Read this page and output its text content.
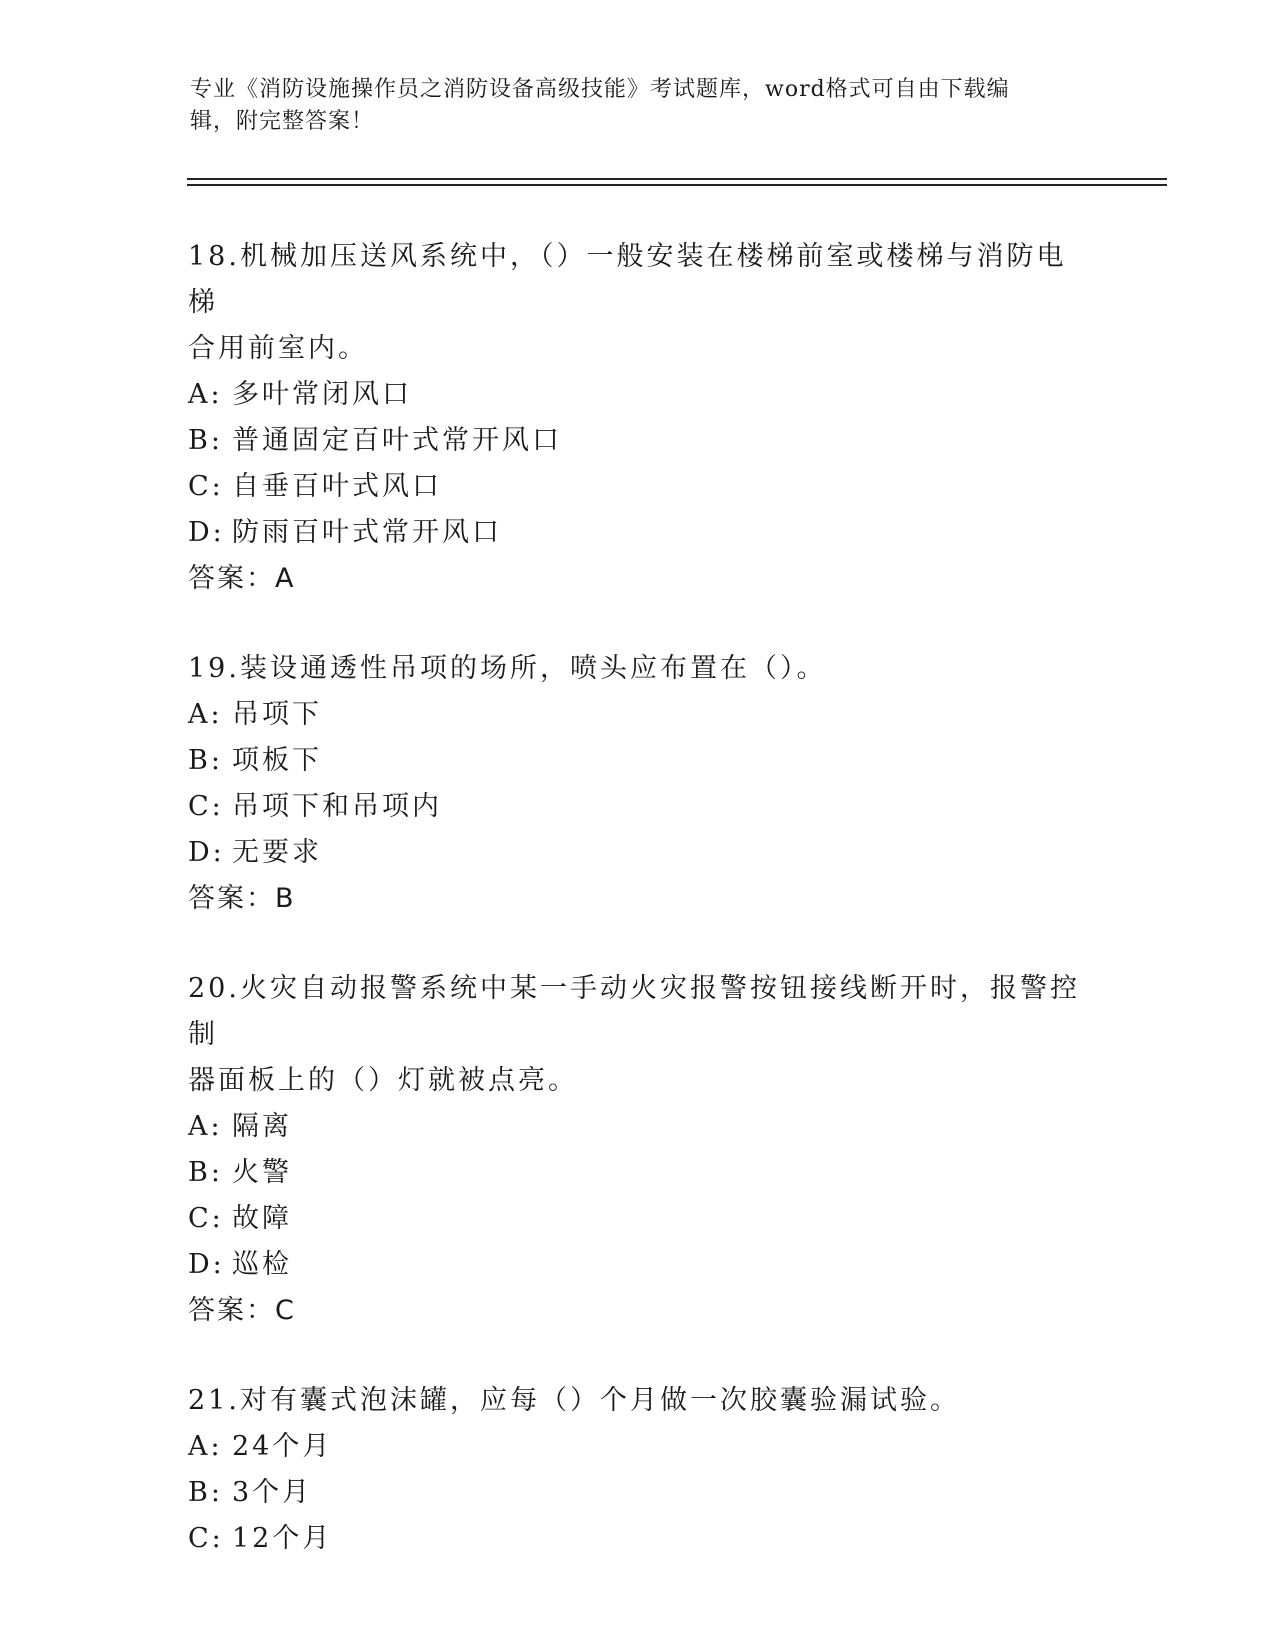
专业《消防设施操作员之消防设备高级技能》考试题库，word格式可自由下载编
辑，附完整答案！

18.机械加压送风系统中，（）一般安装在楼梯前室或楼梯与消防电梯

合用前室内。

A: 多叶常闭风口

B: 普通固定百叶式常开风口

C: 自垂百叶式风口

D: 防雨百叶式常开风口

答案：A

19.装设通透性吊项的场所，喷头应布置在（）。

A: 吊项下

B: 项板下

C: 吊项下和吊项内

D: 无要求

答案：B

20.火灾自动报警系统中某一手动火灾报警按钮接线断开时，报警控制

器面板上的（）灯就被点亮。

A: 隔离

B: 火警

C: 故障

D: 巡检

答案：C

21.对有囊式泡沫罐，应每（）个月做一次胶囊验漏试验。

A: 24个月

B: 3个月

C: 12个月
